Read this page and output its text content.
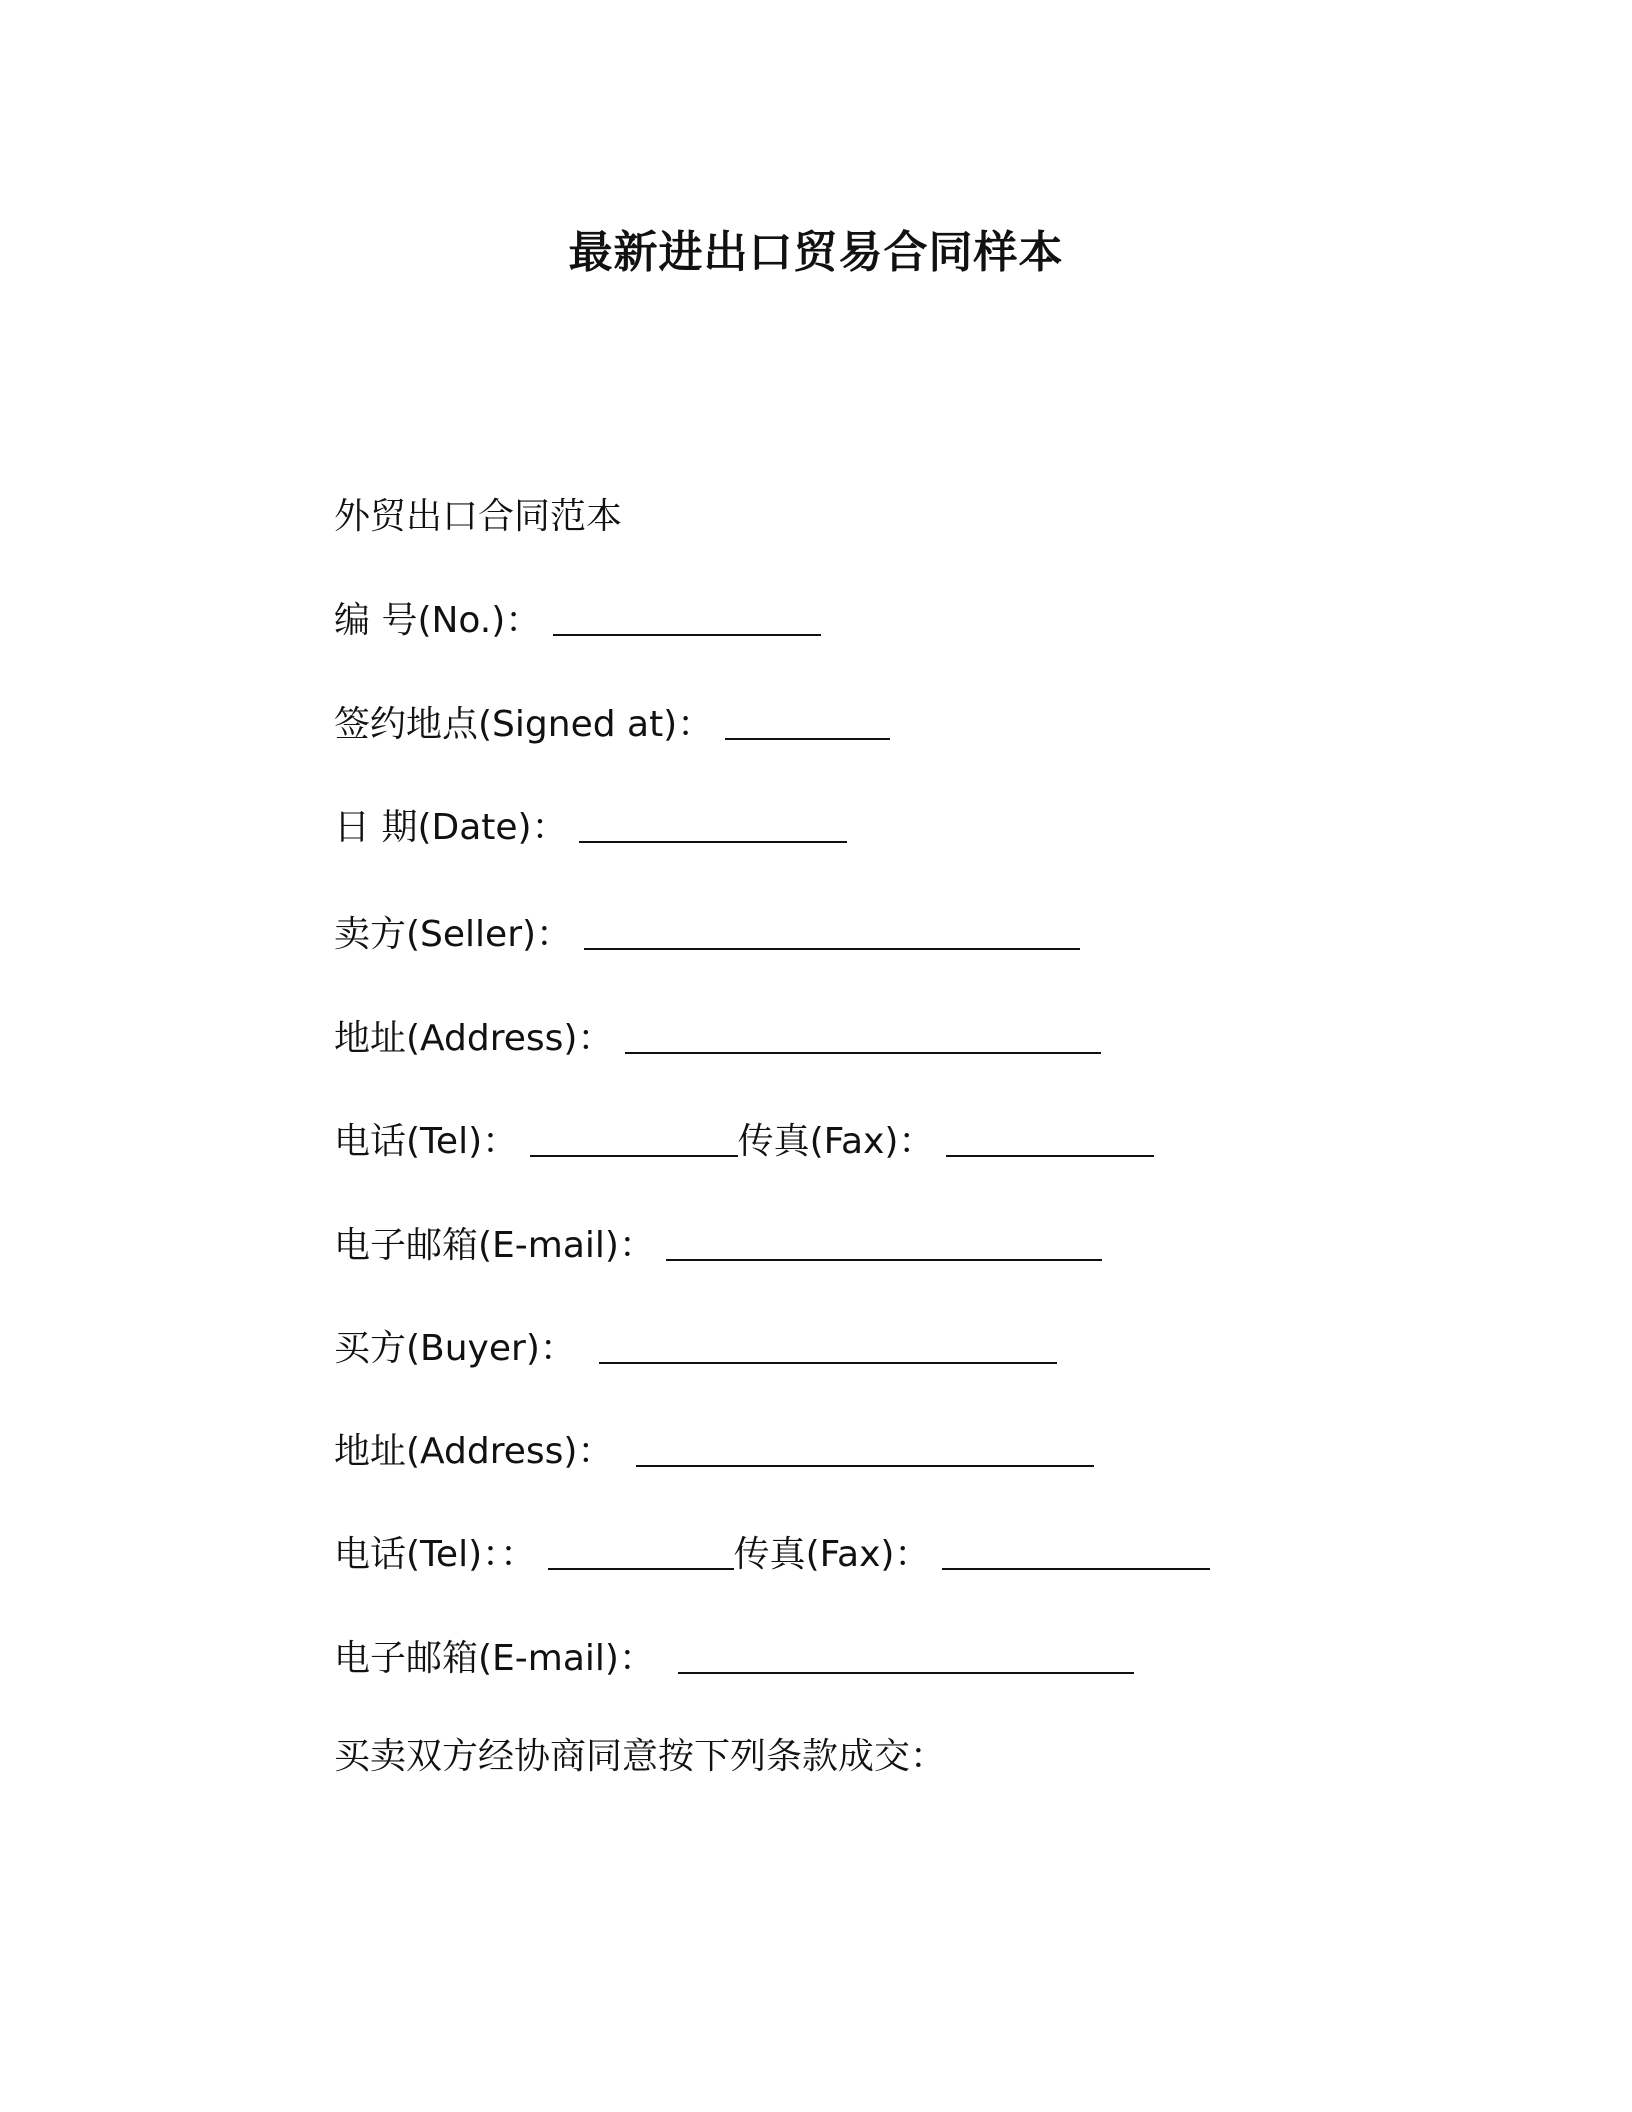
最新进出口贸易合同样本

外贸出口合同范本

编 号(No.)：

签约地点(Signed at)：

日 期(Date)：

卖方(Seller)：

地址(Address)：

电话(Tel)：	传真(Fax)：

电子邮箱(E-mail)：

买方(Buyer)：

地址(Address)：

电话(Tel)：：	传真(Fax)：

电子邮箱(E-mail)：

买卖双方经协商同意按下列条款成交：
